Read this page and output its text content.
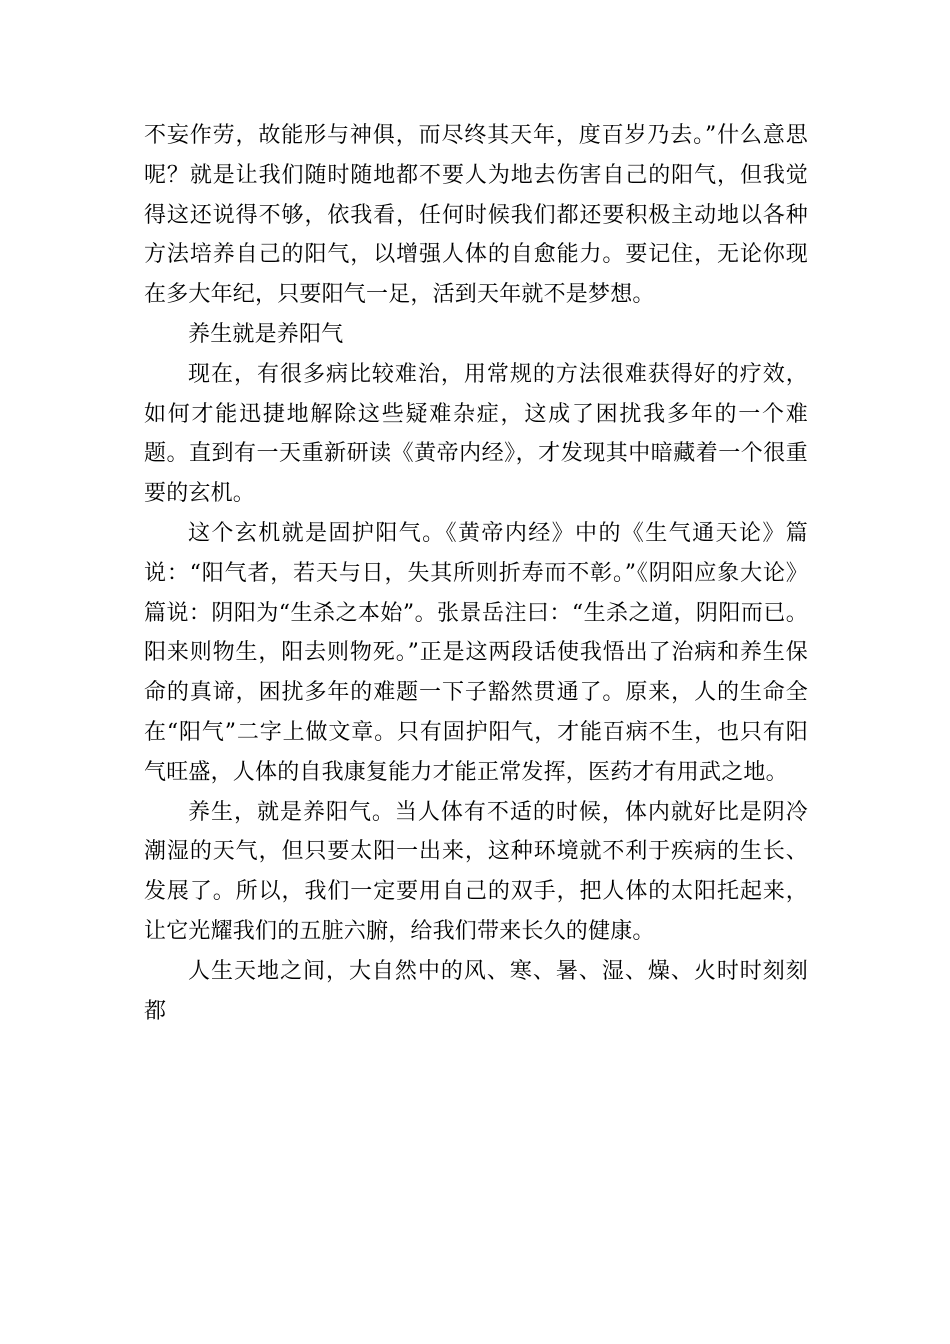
不妄作劳，故能形与神俱，而尽终其天年，度百岁乃去。”什么意思呢？就是让我们随时随地都不要人为地去伤害自己的阳气，但我觉得这还说得不够，依我看，任何时候我们都还要积极主动地以各种方法培养自己的阳气，以增强人体的自愈能力。要记住，无论你现在多大年纪，只要阳气一足，活到天年就不是梦想。

养生就是养阳气

现在，有很多病比较难治，用常规的方法很难获得好的疗效，如何才能迅捷地解除这些疑难杂症，这成了困扰我多年的一个难题。直到有一天重新研读《黄帝内经》，才发现其中暗藏着一个很重要的玄机。

这个玄机就是固护阳气。《黄帝内经》中的《生气通天论》篇说：“阳气者，若天与日，失其所则折寿而不彰。”《阴阳应象大论》篇说：阴阳为“生杀之本始”。张景岳注曰：“生杀之道，阴阳而已。阳来则物生，阳去则物死。”正是这两段话使我悟出了治病和养生保命的真谛，困扰多年的难题一下子豁然贯通了。原来，人的生命全在“阳气”二字上做文章。只有固护阳气，才能百病不生，也只有阳气旺盛，人体的自我康复能力才能正常发挥，医药才有用武之地。

养生，就是养阳气。当人体有不适的时候，体内就好比是阴冷潮湿的天气，但只要太阳一出来，这种环境就不利于疾病的生长、发展了。所以，我们一定要用自己的双手，把人体的太阳托起来，让它光耀我们的五脏六腑，给我们带来长久的健康。

人生天地之间，大自然中的风、寒、暑、湿、燥、火时时刻刻都
